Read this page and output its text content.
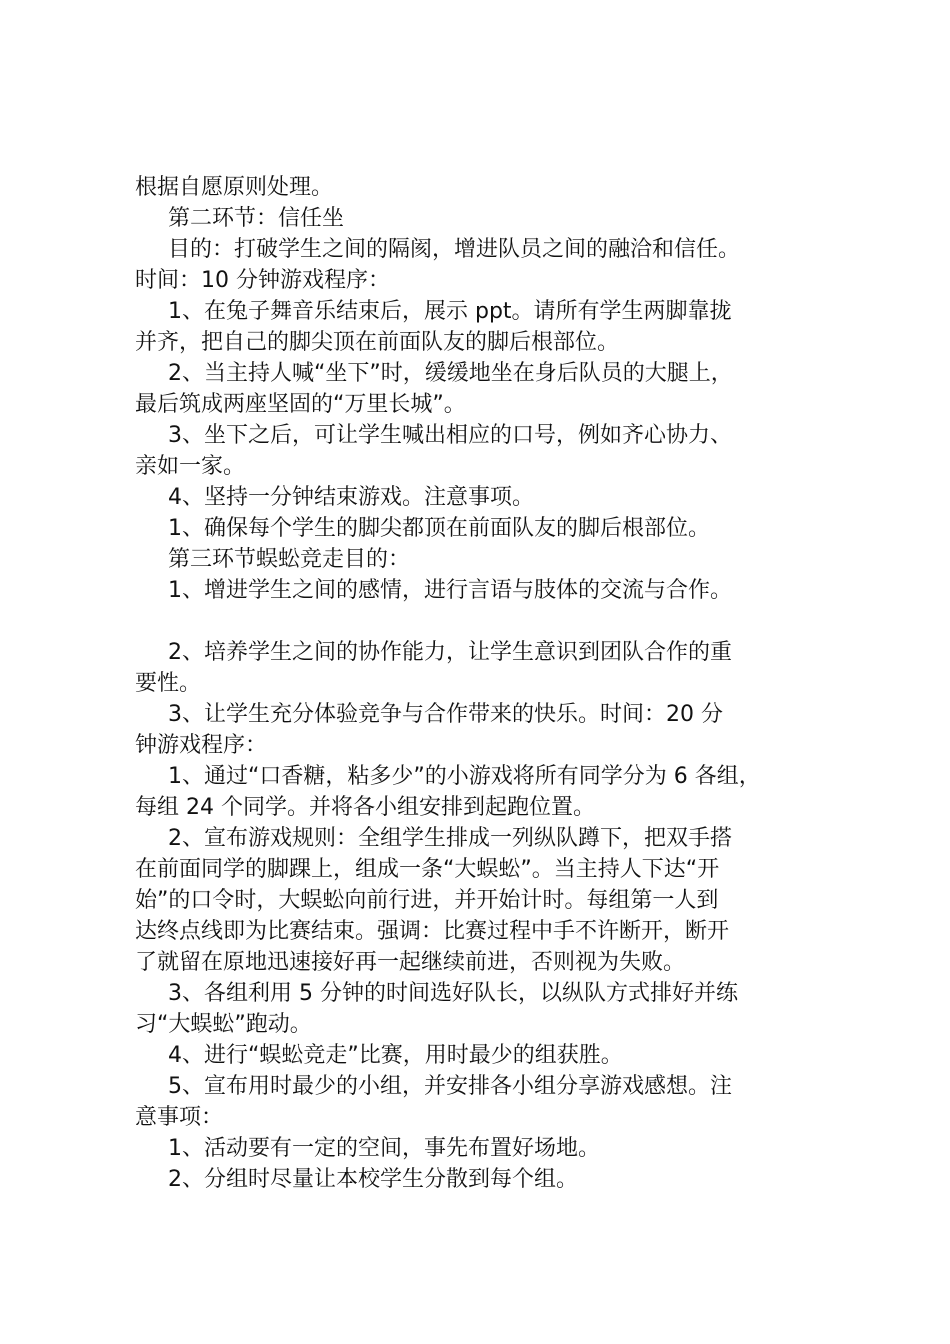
根据自愿原则处理。

第二环节：信任坐

目的：打破学生之间的隔阂，增进队员之间的融洽和信任。

时间：10 分钟游戏程序：

1、在兔子舞音乐结束后，展示 ppt。请所有学生两脚靠拢
并齐，把自己的脚尖顶在前面队友的脚后根部位。

2、当主持人喊“坐下”时，缓缓地坐在身后队员的大腿上，
最后筑成两座坚固的“万里长城”。

3、坐下之后，可让学生喊出相应的口号，例如齐心协力、
亲如一家。

4、坚持一分钟结束游戏。注意事项。

1、确保每个学生的脚尖都顶在前面队友的脚后根部位。

第三环节蜈蚣竞走目的：

1、增进学生之间的感情，进行言语与肢体的交流与合作。

2、培养学生之间的协作能力，让学生意识到团队合作的重
要性。

3、让学生充分体验竞争与合作带来的快乐。时间：20 分
钟游戏程序：

1、通过“口香糖，粘多少”的小游戏将所有同学分为 6 各组，
每组 24 个同学。并将各小组安排到起跑位置。

2、宣布游戏规则：全组学生排成一列纵队蹲下，把双手搭
在前面同学的脚踝上，组成一条“大蜈蚣”。当主持人下达“开
始”的口令时，大蜈蚣向前行进，并开始计时。每组第一人到
达终点线即为比赛结束。强调：比赛过程中手不许断开，断开
了就留在原地迅速接好再一起继续前进，否则视为失败。

3、各组利用 5 分钟的时间选好队长，以纵队方式排好并练
习“大蜈蚣”跑动。

4、进行“蜈蚣竞走”比赛，用时最少的组获胜。

5、宣布用时最少的小组，并安排各小组分享游戏感想。注
意事项：

1、活动要有一定的空间，事先布置好场地。

2、分组时尽量让本校学生分散到每个组。
